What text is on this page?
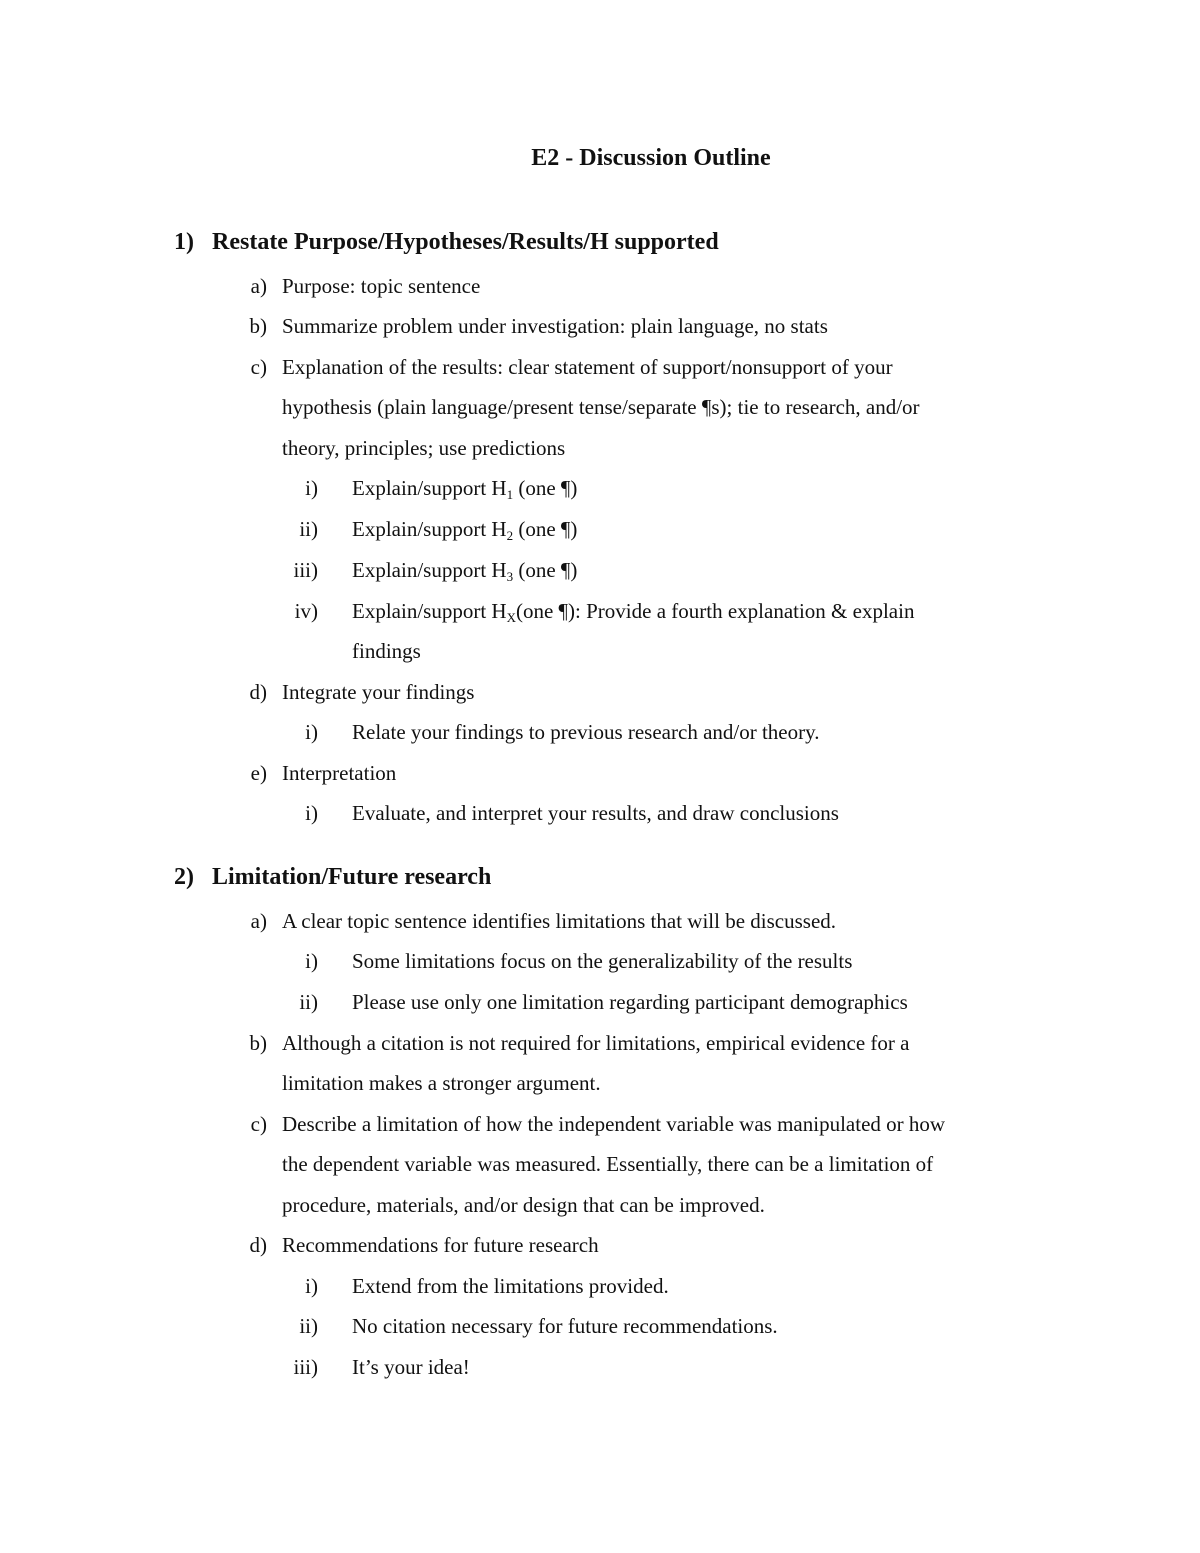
E2 - Discussion Outline
1) Restate Purpose/Hypotheses/Results/H supported
a) Purpose: topic sentence
b) Summarize problem under investigation: plain language, no stats
c) Explanation of the results: clear statement of support/nonsupport of your
hypothesis (plain language/present tense/separate ¶s); tie to research, and/or
theory, principles; use predictions
i) Explain/support $H_1$ (one ¶)
ii) Explain/support $H_2$ (one ¶)
iii) Explain/support $H_3$ (one ¶)
iv) Explain/support $H_X(one$ ¶): Provide a fourth explanation & explain
findings
d) Integrate your findings
i) Relate your findings to previous research and/or theory.
e) Interpretation
i) Evaluate, and interpret your results, and draw conclusions
2) Limitation/Future research
a) A clear topic sentence identifies limitations that will be discussed.
i) Some limitations focus on the generalizability of the results
ii) Please use only one limitation regarding participant demographics
b) Although a citation is not required for limitations, empirical evidence for a
limitation makes a stronger argument.
c) Describe a limitation of how the independent variable was manipulated or how
the dependent variable was measured. Essentially, there can be a limitation of
procedure, materials, and/or design that can be improved.
d) Recommendations for future research
i) Extend from the limitations provided.
ii) No citation necessary for future recommendations.
iii) It’s your idea!
